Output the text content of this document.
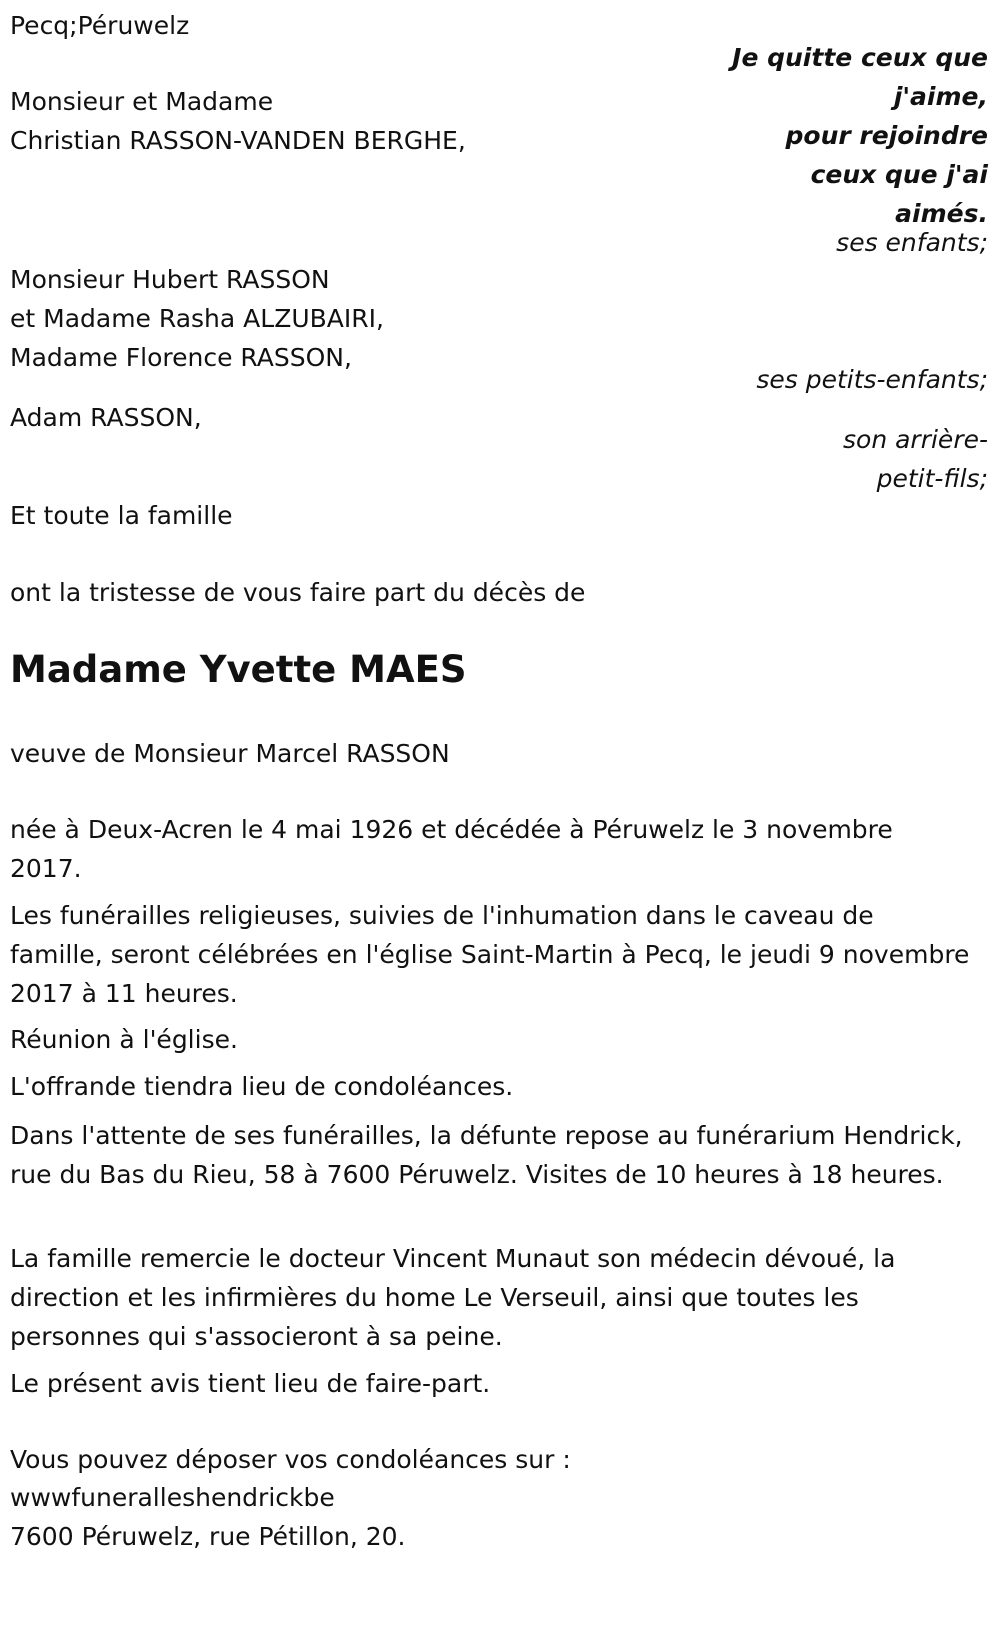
Pecq;Péruwelz

Je quitte ceux que
j'aime,
pour rejoindre
ceux que j'ai
aimés.

Monsieur et Madame
Christian RASSON-VANDEN BERGHE,

ses enfants;

Monsieur Hubert RASSON
et Madame Rasha ALZUBAIRI,
Madame Florence RASSON,

ses petits-enfants;

Adam RASSON,

son arrière-
petit-fils;

Et toute la famille

ont la tristesse de vous faire part du décès de

Madame Yvette MAES

veuve de Monsieur Marcel RASSON

née à Deux-Acren le 4 mai 1926 et décédée à Péruwelz le 3 novembre 2017.

Les funérailles religieuses, suivies de l'inhumation dans le caveau de famille, seront célébrées en l'église Saint-Martin à Pecq, le jeudi 9 novembre 2017 à 11 heures.

Réunion à l'église.

L'offrande tiendra lieu de condoléances.

Dans l'attente de ses funérailles, la défunte repose au funérarium Hendrick, rue du Bas du Rieu, 58 à 7600 Péruwelz. Visites de 10 heures à 18 heures.

La famille remercie le docteur Vincent Munaut son médecin dévoué, la direction et les infirmières du home Le Verseuil, ainsi que toutes les personnes qui s'associeront à sa peine.

Le présent avis tient lieu de faire-part.

Vous pouvez déposer vos condoléances sur :

wwwfuneralleshendrickbe

7600 Péruwelz, rue Pétillon, 20.
